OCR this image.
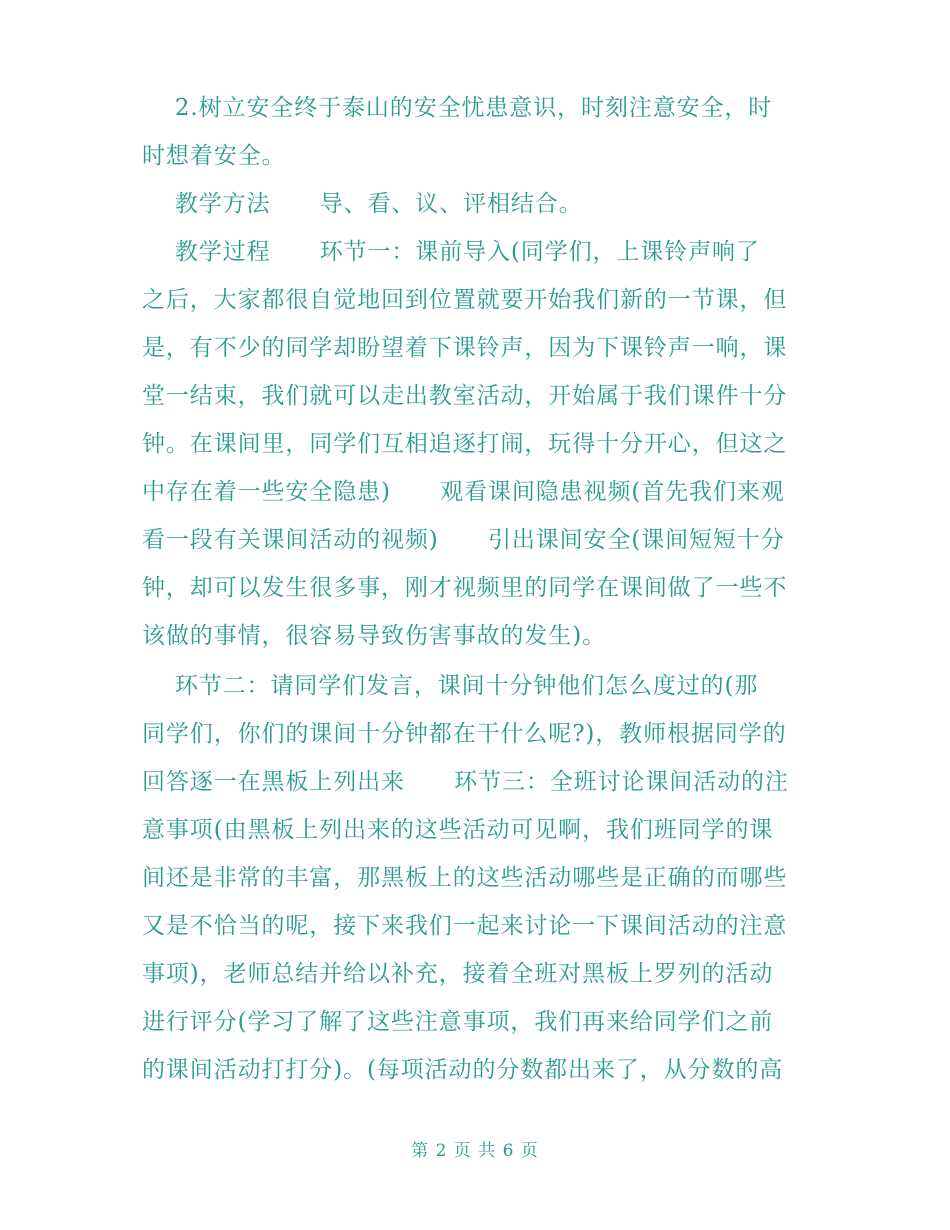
2.树立安全终于泰山的安全忧患意识，时刻注意安全，时
时想着安全。
教学方法      导、看、议、评相结合。
教学过程      环节一：课前导入(同学们，上课铃声响了
之后，大家都很自觉地回到位置就要开始我们新的一节课，但
是，有不少的同学却盼望着下课铃声，因为下课铃声一响，课
堂一结束，我们就可以走出教室活动，开始属于我们课件十分
钟。在课间里，同学们互相追逐打闹，玩得十分开心，但这之
中存在着一些安全隐患)      观看课间隐患视频(首先我们来观
看一段有关课间活动的视频)      引出课间安全(课间短短十分
钟，却可以发生很多事，刚才视频里的同学在课间做了一些不
该做的事情，很容易导致伤害事故的发生)。
环节二：请同学们发言，课间十分钟他们怎么度过的(那
同学们，你们的课间十分钟都在干什么呢?)，教师根据同学的
回答逐一在黑板上列出来      环节三：全班讨论课间活动的注
意事项(由黑板上列出来的这些活动可见啊，我们班同学的课
间还是非常的丰富，那黑板上的这些活动哪些是正确的而哪些
又是不恰当的呢，接下来我们一起来讨论一下课间活动的注意
事项)，老师总结并给以补充，接着全班对黑板上罗列的活动
进行评分(学习了解了这些注意事项，我们再来给同学们之前
的课间活动打打分)。(每项活动的分数都出来了，从分数的高
第 2 页 共 6 页
